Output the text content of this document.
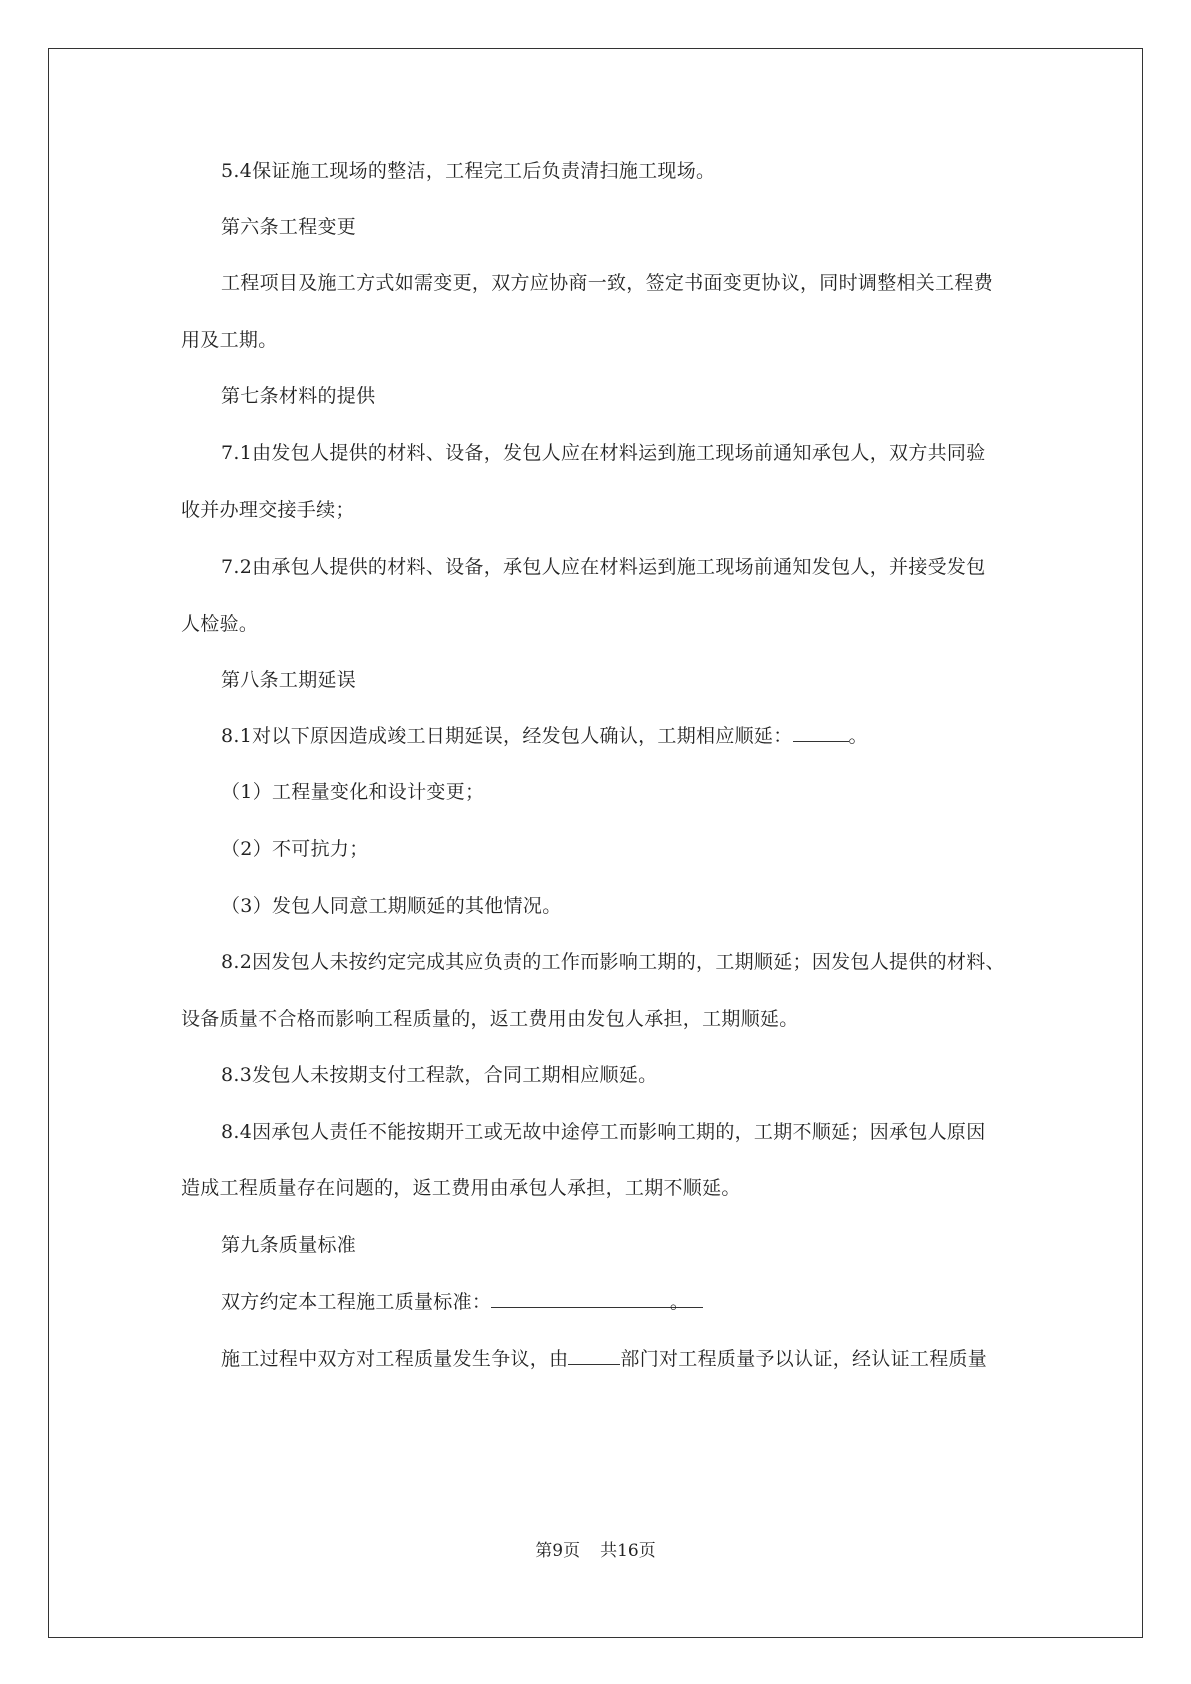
5.4保证施工现场的整洁，工程完工后负责清扫施工现场。
第六条工程变更
工程项目及施工方式如需变更，双方应协商一致，签定书面变更协议，同时调整相关工程费
用及工期。
第七条材料的提供
7.1由发包人提供的材料、设备，发包人应在材料运到施工现场前通知承包人，双方共同验
收并办理交接手续；
7.2由承包人提供的材料、设备，承包人应在材料运到施工现场前通知发包人，并接受发包
人检验。
第八条工期延误
8.1对以下原因造成竣工日期延误，经发包人确认，工期相应顺延：	。
（1）工程量变化和设计变更；
（2）不可抗力；
（3）发包人同意工期顺延的其他情况。
8.2因发包人未按约定完成其应负责的工作而影响工期的，工期顺延；因发包人提供的材料、
设备质量不合格而影响工程质量的，返工费用由发包人承担，工期顺延。
8.3发包人未按期支付工程款，合同工期相应顺延。
8.4因承包人责任不能按期开工或无故中途停工而影响工期的，工期不顺延；因承包人原因
造成工程质量存在问题的，返工费用由承包人承担，工期不顺延。
第九条质量标准
双方约定本工程施工质量标准：	。
施工过程中双方对工程质量发生争议，由	部门对工程质量予以认证，经认证工程质量
第9页 共16页
